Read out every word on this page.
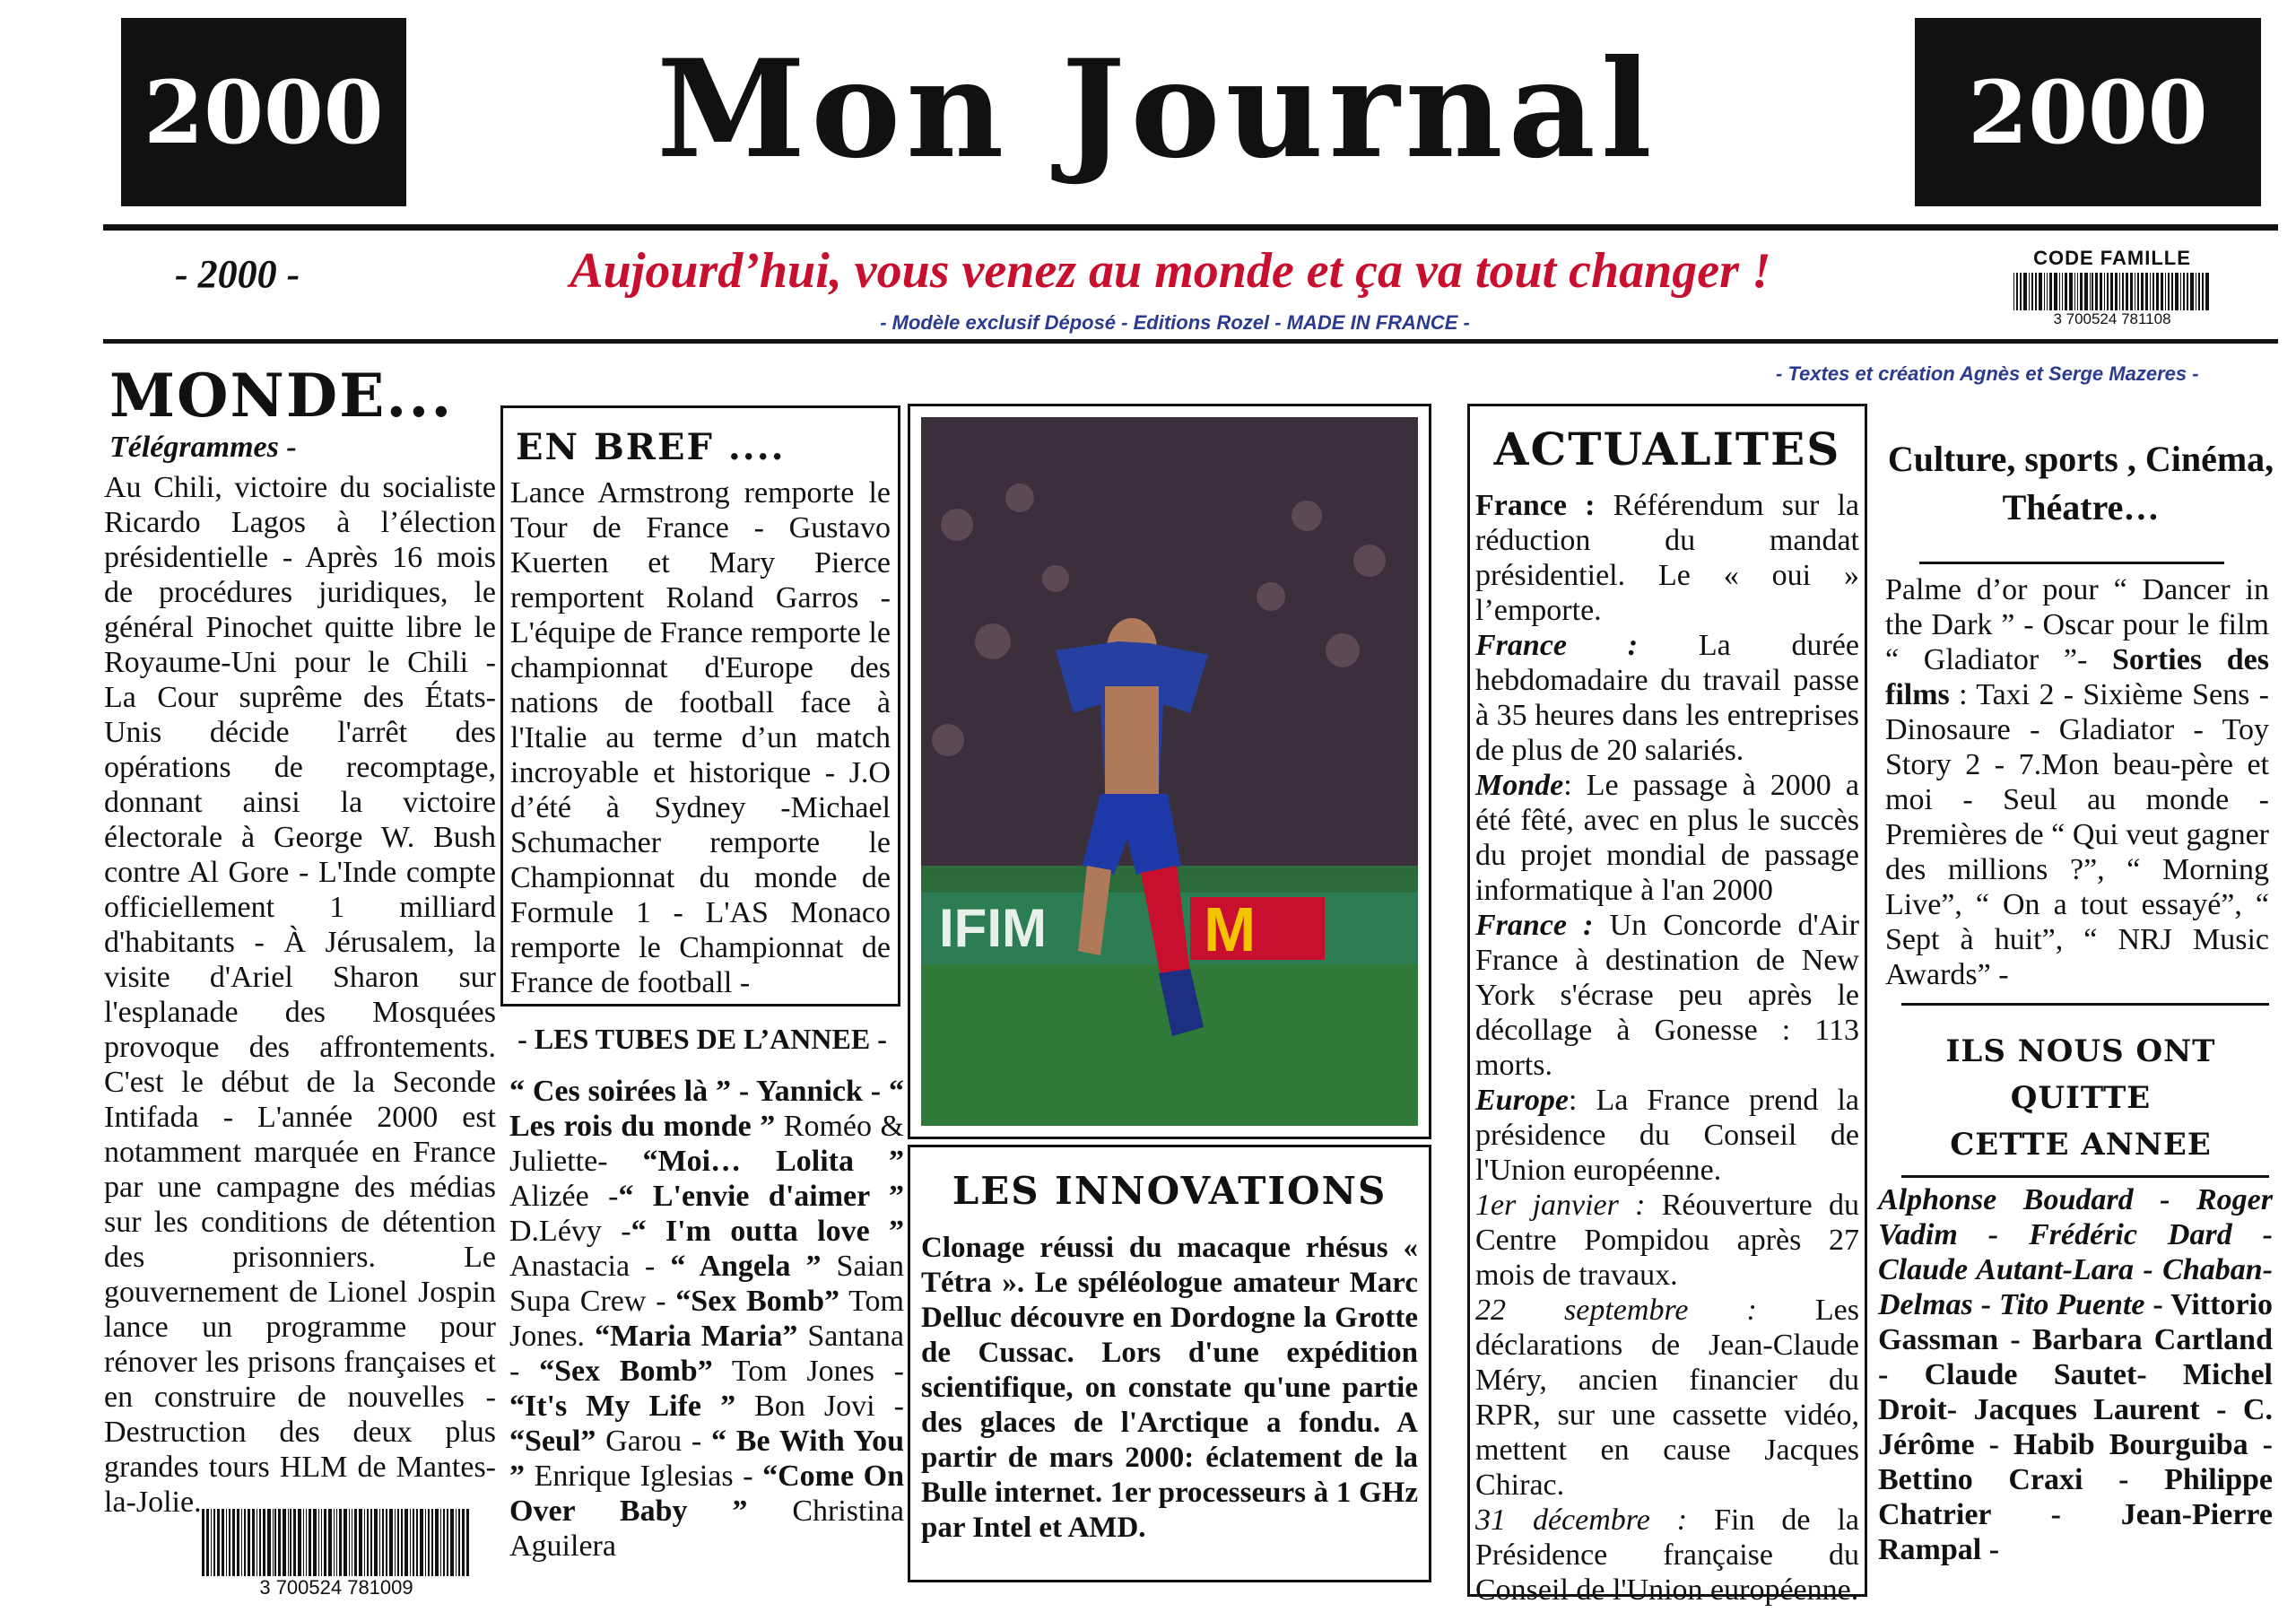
2000	2000
Mon Journal
- 2000 -	Aujourd’hui, vous venez au monde et ça va tout changer !
- Modèle exclusif Déposé - Editions Rozel - MADE IN FRANCE -
CODE FAMILLE
3 700524 781108
- Textes et création Agnès et Serge Mazeres -
MONDE...
Télégrammes -

Au Chili, victoire du socialiste Ricardo Lagos à l’élection présidentielle - Après 16 mois de procédures juridiques, le général Pinochet quitte libre le Royaume-Uni pour le Chili - La Cour suprême des États-Unis décide l'arrêt des opérations de recomptage, donnant ainsi la victoire électorale à George W. Bush contre Al Gore - L'Inde compte officiellement 1 milliard d'habitants - À Jérusalem, la visite d'Ariel Sharon sur l'esplanade des Mosquées provoque des affrontements. C'est le début de la Seconde Intifada - L'année 2000 est notamment marquée en France par une campagne des médias sur les conditions de détention des prisonniers. Le gouvernement de Lionel Jospin lance un programme pour rénover les prisons françaises et en construire de nouvelles - Destruction des deux plus grandes tours HLM de Mantes-la-Jolie.

3 700524 781009
EN BREF ....
Lance Armstrong remporte le Tour de France - Gustavo Kuerten et Mary Pierce remportent Roland Garros - L'équipe de France remporte le championnat d'Europe des nations de football face à l'Italie au terme d’un match incroyable et historique - J.O d’été à Sydney -Michael Schumacher remporte le Championnat du monde de Formule 1 - L'AS Monaco remporte le Championnat de France de football -
- LES TUBES DE L’ANNEE -
“ Ces soirées là ” - Yannick - “ Les rois du monde ” Roméo & Juliette- “Moi… Lolita ” Alizée -“ L'envie d'aimer ” D.Lévy -“ I'm outta love ” Anastacia - “ Angela ” Saian Supa Crew - “Sex Bomb” Tom Jones. “Maria Maria” Santana - “Sex Bomb” Tom Jones - “It's My Life ” Bon Jovi - “Seul” Garou - “ Be With You ” Enrique Iglesias - “Come On Over Baby ” Christina Aguilera
IFIM	M
LES INNOVATIONS
Clonage réussi du macaque rhésus « Tétra ». Le spéléologue amateur Marc Delluc découvre en Dordogne la Grotte de Cussac. Lors d'une expédition scientifique, on constate qu'une partie des glaces de l'Arctique a fondu. A partir de mars 2000: éclatement de la Bulle internet. 1er processeurs à 1 GHz par Intel et AMD.
ACTUALITES
France : Référendum sur la réduction du mandat présidentiel. Le « oui » l’emporte.
France : La durée hebdomadaire du travail passe à 35 heures dans les entreprises de plus de 20 salariés.
Monde: Le passage à 2000 a été fêté, avec en plus le succès du projet mondial de passage informatique à l'an 2000
France : Un Concorde d'Air France à destination de New York s'écrase peu après le décollage à Gonesse : 113 morts.
Europe: La France prend la présidence du Conseil de l'Union européenne.
1er janvier : Réouverture du Centre Pompidou après 27 mois de travaux.
22 septembre : Les déclarations de Jean-Claude Méry, ancien financier du RPR, sur une cassette vidéo, mettent en cause Jacques Chirac.
31 décembre : Fin de la Présidence française du Conseil de l'Union européenne.
Culture, sports , Cinéma, Théatre…
Palme d’or pour “ Dancer in the Dark ” - Oscar pour le film “ Gladiator ”- Sorties des films : Taxi 2 - Sixième Sens - Dinosaure - Gladiator - Toy Story 2 - 7.Mon beau-père et moi - Seul au monde - Premières de “ Qui veut gagner des millions ?”, “ Morning Live”, “ On a tout essayé”, “ Sept à huit”, “ NRJ Music Awards” -
ILS NOUS ONT
QUITTE
CETTE ANNEE
Alphonse Boudard - Roger Vadim - Frédéric Dard - Claude Autant-Lara - Chaban-Delmas - Tito Puente - Vittorio Gassman - Barbara Cartland - Claude Sautet- Michel Droit- Jacques Laurent - C. Jérôme - Habib Bourguiba - Bettino Craxi - Philippe Chatrier - Jean-Pierre Rampal -
